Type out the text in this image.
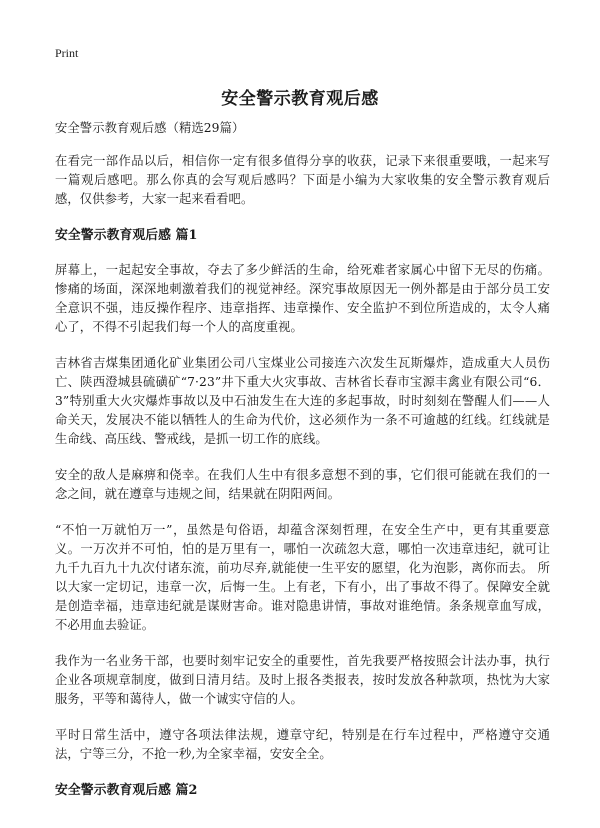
Print
安全警示教育观后感

安全警示教育观后感（精选29篇）

在看完一部作品以后，相信你一定有很多值得分享的收获，记录下来很重要哦，一起来写一篇观后感吧。那么你真的会写观后感吗？下面是小编为大家收集的安全警示教育观后感，仅供参考，大家一起来看看吧。

安全警示教育观后感 篇1

屏幕上，一起起安全事故，夺去了多少鲜活的生命，给死难者家属心中留下无尽的伤痛。惨痛的场面，深深地刺激着我们的视觉神经。深究事故原因无一例外都是由于部分员工安全意识不强，违反操作程序、违章指挥、违章操作、安全监护不到位所造成的，太令人痛心了，不得不引起我们每一个人的高度重视。

吉林省吉煤集团通化矿业集团公司八宝煤业公司接连六次发生瓦斯爆炸，造成重大人员伤亡、陕西澄城县硫磺矿“7·23”井下重大火灾事故、吉林省长春市宝源丰禽业有限公司“6．3”特别重大火灾爆炸事故以及中石油发生在大连的多起事故，时时刻刻在警醒人们——人命关天，发展决不能以牺牲人的生命为代价，这必须作为一条不可逾越的红线。红线就是生命线、高压线、警戒线，是抓一切工作的底线。

安全的敌人是麻痹和侥幸。在我们人生中有很多意想不到的事，它们很可能就在我们的一念之间，就在遵章与违规之间，结果就在阴阳两间。

“不怕一万就怕万一”，虽然是句俗语，却蕴含深刻哲理，在安全生产中，更有其重要意义。一万次并不可怕，怕的是万里有一，哪怕一次疏忽大意，哪怕一次违章违纪，就可让九千九百九十九次付诸东流，前功尽弃,就能使一生平安的愿望，化为泡影，离你而去。 所以大家一定切记，违章一次，后悔一生。上有老，下有小，出了事故不得了。保障安全就是创造幸福，违章违纪就是谋财害命。谁对隐患讲情，事故对谁绝情。条条规章血写成，不必用血去验证。

我作为一名业务干部，也要时刻牢记安全的重要性，首先我要严格按照会计法办事，执行企业各项规章制度，做到日清月结。及时上报各类报表，按时发放各种款项，热忱为大家服务，平等和蔼待人，做一个诚实守信的人。

平时日常生活中，遵守各项法律法规，遵章守纪，特别是在行车过程中，严格遵守交通法，宁等三分，不抢一秒,为全家幸福，安安全全。

安全警示教育观后感 篇2
